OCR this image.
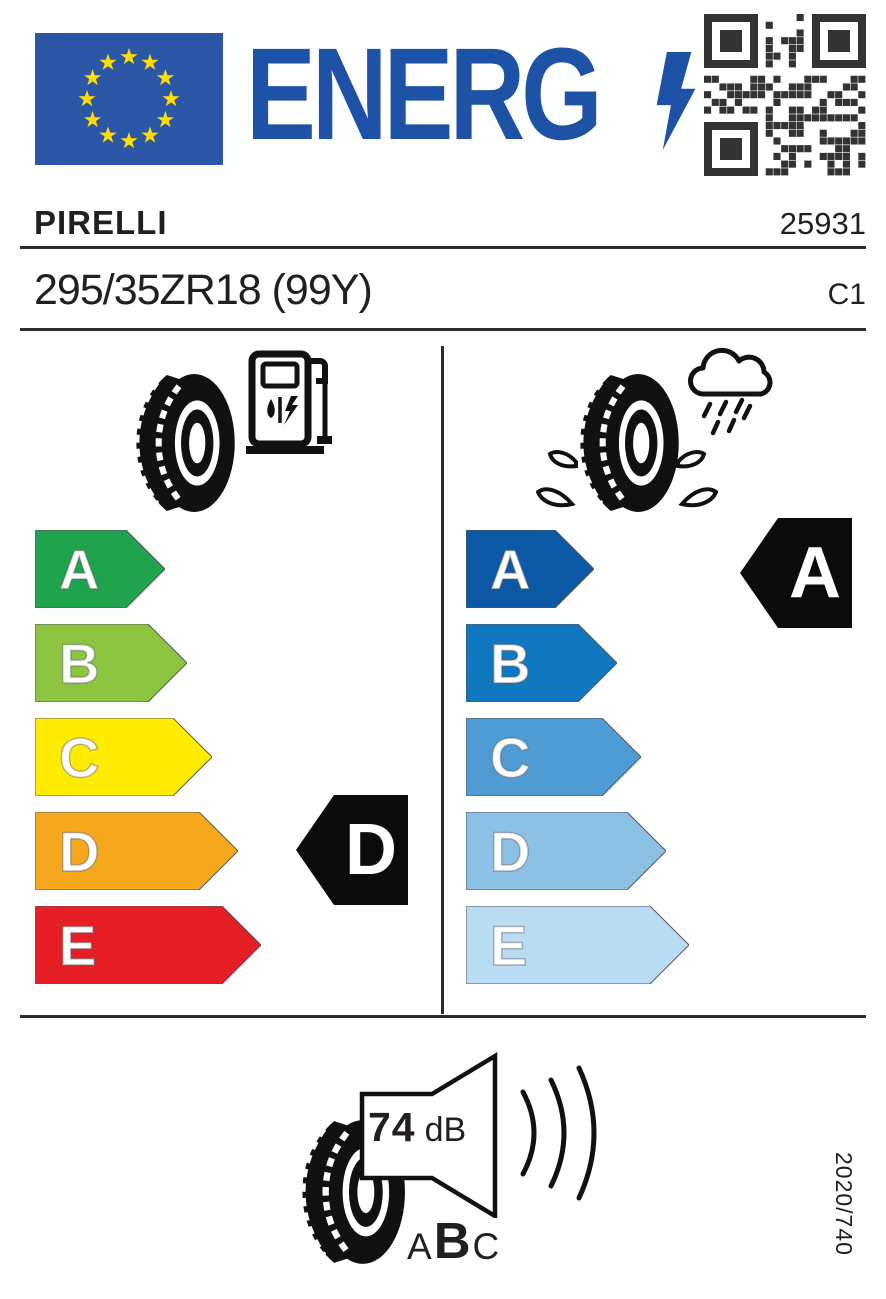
ENERG
PIRELLI	25931
295/35ZR18 (99Y)	C1
A
B
C
D
E
D
A
B
C
D
E
A
74 dB
A B C	2020/740
